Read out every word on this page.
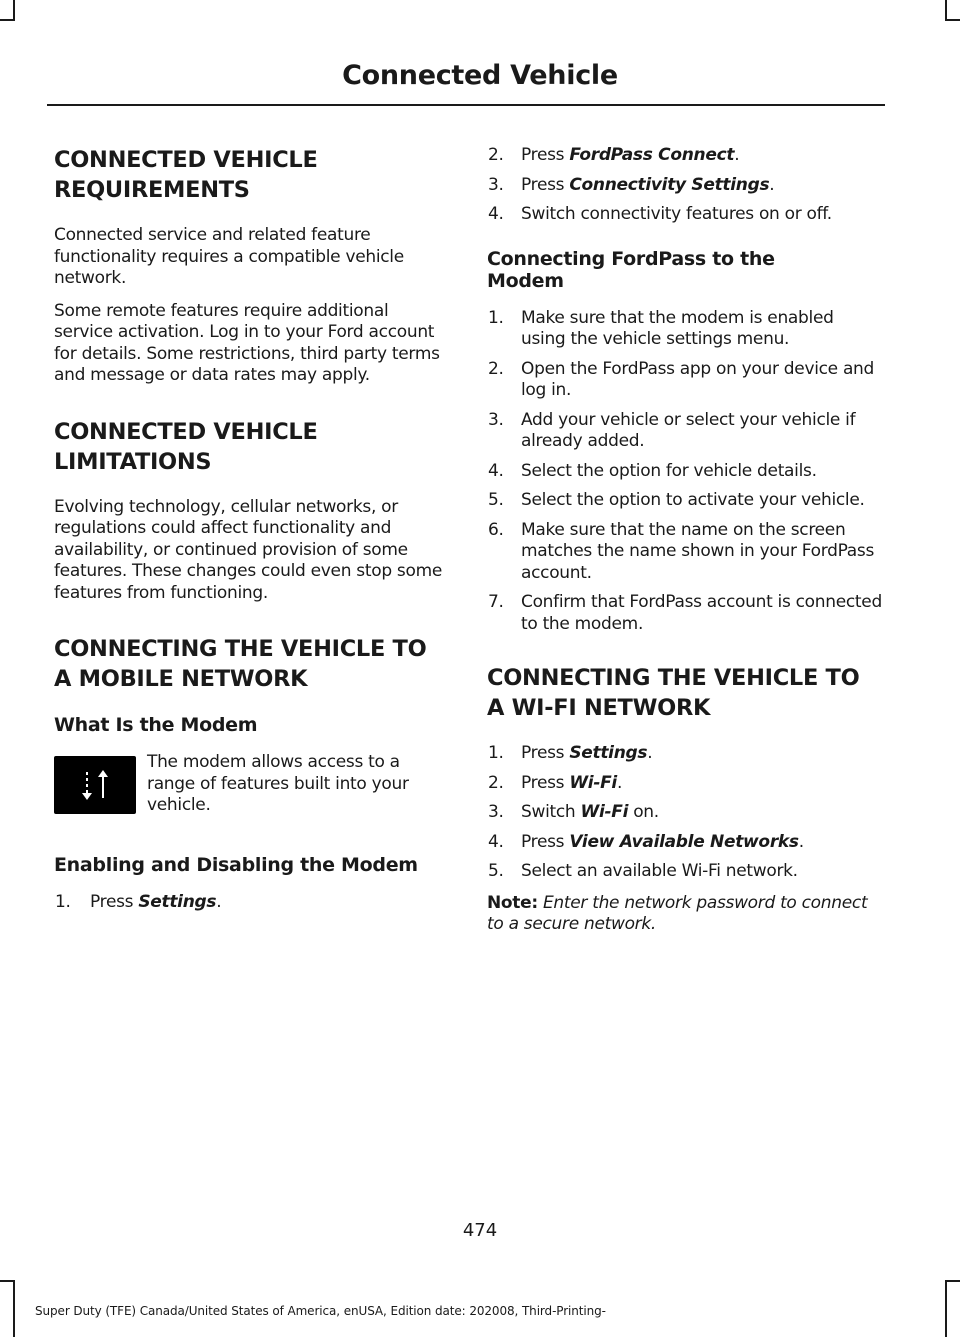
Connected Vehicle
CONNECTED VEHICLE
REQUIREMENTS

Connected service and related feature functionality requires a compatible vehicle network.

Some remote features require additional service activation. Log in to your Ford account for details. Some restrictions, third party terms and message or data rates may apply.

CONNECTED VEHICLE
LIMITATIONS

Evolving technology, cellular networks, or regulations could affect functionality and availability, or continued provision of some features. These changes could even stop some features from functioning.

CONNECTING THE VEHICLE TO
A MOBILE NETWORK
What Is the Modem

The modem allows access to a range of features built into your vehicle.

Enabling and Disabling the Modem
1. Press Settings.
2. Press FordPass Connect.
3. Press Connectivity Settings.
4. Switch connectivity features on or off.
Connecting FordPass to the Modem
1. Make sure that the modem is enabled using the vehicle settings menu.
2. Open the FordPass app on your device and log in.
3. Add your vehicle or select your vehicle if already added.
4. Select the option for vehicle details.
5. Select the option to activate your vehicle.
6. Make sure that the name on the screen matches the name shown in your FordPass account.
7. Confirm that FordPass account is connected to the modem.
CONNECTING THE VEHICLE TO
A WI-FI NETWORK
1. Press Settings.
2. Press Wi-Fi.
3. Switch Wi-Fi on.
4. Press View Available Networks.
5. Select an available Wi-Fi network.
Note: Enter the network password to connect to a secure network.
474
Super Duty (TFE) Canada/United States of America, enUSA, Edition date: 202008, Third-Printing-
